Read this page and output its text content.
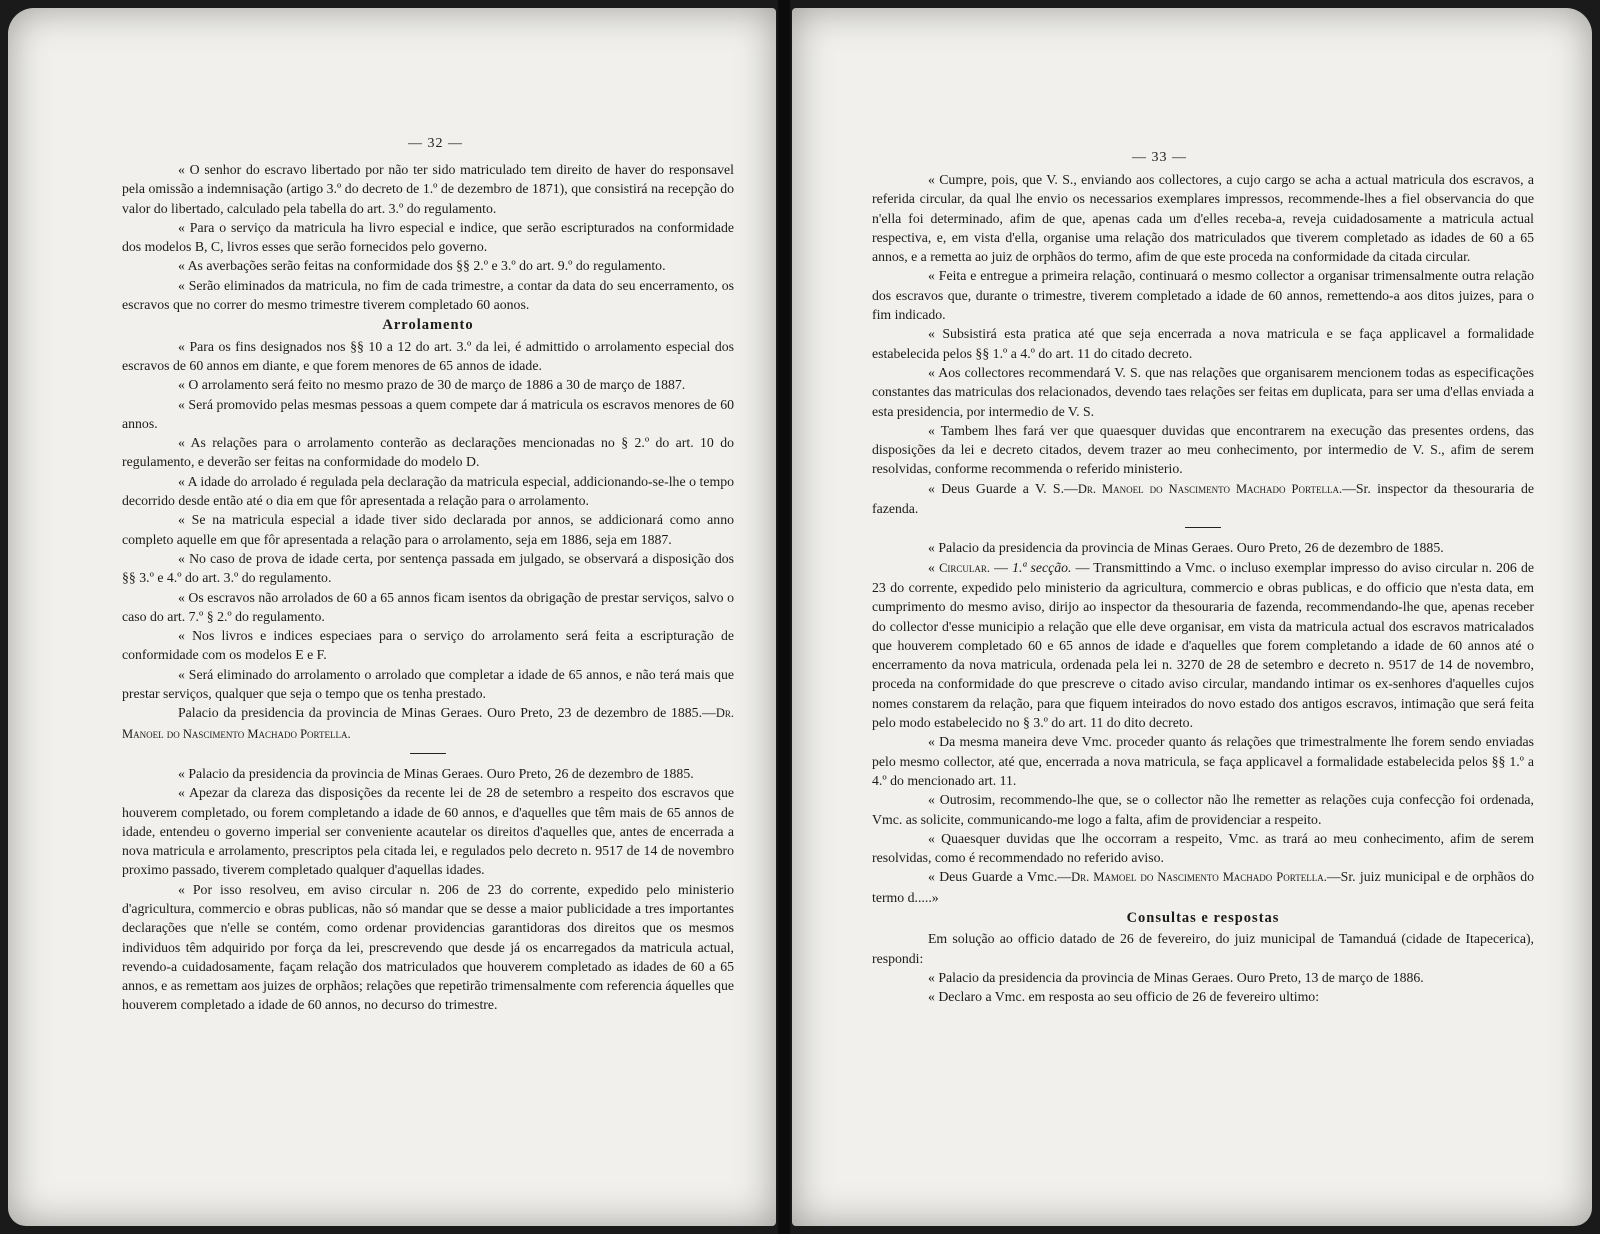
— 32 —

« O senhor do escravo libertado por não ter sido matriculado tem direito de haver do responsavel pela omissão a indemnisação (artigo 3.º do decreto de 1.º de dezembro de 1871), que consistirá na recepção do valor do libertado, calculado pela tabella do art. 3.º do regulamento.

« Para o serviço da matricula ha livro especial e indice, que serão escripturados na conformidade dos modelos B, C, livros esses que serão fornecidos pelo governo.

« As averbações serão feitas na conformidade dos §§ 2.º e 3.º do art. 9.º do regulamento.

« Serão eliminados da matricula, no fim de cada trimestre, a contar da data do seu encerramento, os escravos que no correr do mesmo trimestre tiverem completado 60 aonos.

Arrolamento

« Para os fins designados nos §§ 10 a 12 do art. 3.º da lei, é admittido o arrolamento especial dos escravos de 60 annos em diante, e que forem menores de 65 annos de idade.

« O arrolamento será feito no mesmo prazo de 30 de março de 1886 a 30 de março de 1887.

« Será promovido pelas mesmas pessoas a quem compete dar á matricula os escravos menores de 60 annos.

« As relações para o arrolamento conterão as declarações mencionadas no § 2.º do art. 10 do regulamento, e deverão ser feitas na conformidade do modelo D.

« A idade do arrolado é regulada pela declaração da matricula especial, addicionando-se-lhe o tempo decorrido desde então até o dia em que fôr apresentada a relação para o arrolamento.

« Se na matricula especial a idade tiver sido declarada por annos, se addicionará como anno completo aquelle em que fôr apresentada a relação para o arrolamento, seja em 1886, seja em 1887.

« No caso de prova de idade certa, por sentença passada em julgado, se observará a disposição dos §§ 3.º e 4.º do art. 3.º do regulamento.

« Os escravos não arrolados de 60 a 65 annos ficam isentos da obrigação de prestar serviços, salvo o caso do art. 7.º § 2.º do regulamento.

« Nos livros e indices especiaes para o serviço do arrolamento será feita a escripturação de conformidade com os modelos E e F.

« Será eliminado do arrolamento o arrolado que completar a idade de 65 annos, e não terá mais que prestar serviços, qualquer que seja o tempo que os tenha prestado.

Palacio da presidencia da provincia de Minas Geraes. Ouro Preto, 23 de dezembro de 1885.—Dr. Manoel do Nascimento Machado Portella.

« Palacio da presidencia da provincia de Minas Geraes. Ouro Preto, 26 de dezembro de 1885.

« Apezar da clareza das disposições da recente lei de 28 de setembro a respeito dos escravos que houverem completado, ou forem completando a idade de 60 annos, e d'aquelles que têm mais de 65 annos de idade, entendeu o governo imperial ser conveniente acautelar os direitos d'aquelles que, antes de encerrada a nova matricula e arrolamento, prescriptos pela citada lei, e regulados pelo decreto n. 9517 de 14 de novembro proximo passado, tiverem completado qualquer d'aquellas idades.

« Por isso resolveu, em aviso circular n. 206 de 23 do corrente, expedido pelo ministerio d'agricultura, commercio e obras publicas, não só mandar que se desse a maior publicidade a tres importantes declarações que n'elle se contém, como ordenar providencias garantidoras dos direitos que os mesmos individuos têm adquirido por força da lei, prescrevendo que desde já os encarregados da matricula actual, revendo-a cuidadosamente, façam relação dos matriculados que houverem completado as idades de 60 a 65 annos, e as remettam aos juizes de orphãos; relações que repetirão trimensalmente com referencia áquelles que houverem completado a idade de 60 annos, no decurso do trimestre.

— 33 —

« Cumpre, pois, que V. S., enviando aos collectores, a cujo cargo se acha a actual matricula dos escravos, a referida circular, da qual lhe envio os necessarios exemplares impressos, recommende-lhes a fiel observancia do que n'ella foi determinado, afim de que, apenas cada um d'elles receba-a, reveja cuidadosamente a matricula actual respectiva, e, em vista d'ella, organise uma relação dos matriculados que tiverem completado as idades de 60 a 65 annos, e a remetta ao juiz de orphãos do termo, afim de que este proceda na conformidade da citada circular.

« Feita e entregue a primeira relação, continuará o mesmo collector a organisar trimensalmente outra relação dos escravos que, durante o trimestre, tiverem completado a idade de 60 annos, remettendo-a aos ditos juizes, para o fim indicado.

« Subsistirá esta pratica até que seja encerrada a nova matricula e se faça applicavel a formalidade estabelecida pelos §§ 1.º a 4.º do art. 11 do citado decreto.

« Aos collectores recommendará V. S. que nas relações que organisarem mencionem todas as especificações constantes das matriculas dos relacionados, devendo taes relações ser feitas em duplicata, para ser uma d'ellas enviada a esta presidencia, por intermedio de V. S.

« Tambem lhes fará ver que quaesquer duvidas que encontrarem na execução das presentes ordens, das disposições da lei e decreto citados, devem trazer ao meu conhecimento, por intermedio de V. S., afim de serem resolvidas, conforme recommenda o referido ministerio.

« Deus Guarde a V. S.—Dr. Manoel do Nascimento Machado Portella.—Sr. inspector da thesouraria de fazenda.

« Palacio da presidencia da provincia de Minas Geraes. Ouro Preto, 26 de dezembro de 1885.

« Circular. — 1.ª secção. — Transmittindo a Vmc. o incluso exemplar impresso do aviso circular n. 206 de 23 do corrente, expedido pelo ministerio da agricultura, commercio e obras publicas, e do officio que n'esta data, em cumprimento do mesmo aviso, dirijo ao inspector da thesouraria de fazenda, recommendando-lhe que, apenas receber do collector d'esse municipio a relação que elle deve organisar, em vista da matricula actual dos escravos matricalados que houverem completado 60 e 65 annos de idade e d'aquelles que forem completando a idade de 60 annos até o encerramento da nova matricula, ordenada pela lei n. 3270 de 28 de setembro e decreto n. 9517 de 14 de novembro, proceda na conformidade do que prescreve o citado aviso circular, mandando intimar os ex-senhores d'aquelles cujos nomes constarem da relação, para que fiquem inteirados do novo estado dos antigos escravos, intimação que será feita pelo modo estabelecido no § 3.º do art. 11 do dito decreto.

« Da mesma maneira deve Vmc. proceder quanto ás relações que trimestralmente lhe forem sendo enviadas pelo mesmo collector, até que, encerrada a nova matricula, se faça applicavel a formalidade estabelecida pelos §§ 1.º a 4.º do mencionado art. 11.

« Outrosim, recommendo-lhe que, se o collector não lhe remetter as relações cuja confecção foi ordenada, Vmc. as solicite, communicando-me logo a falta, afim de providenciar a respeito.

« Quaesquer duvidas que lhe occorram a respeito, Vmc. as trará ao meu conhecimento, afim de serem resolvidas, como é recommendado no referido aviso.

« Deus Guarde a Vmc.—Dr. Mamoel do Nascimento Machado Portella.—Sr. juiz municipal e de orphãos do termo d.....»

Consultas e respostas

Em solução ao officio datado de 26 de fevereiro, do juiz municipal de Tamanduá (cidade de Itapecerica), respondi:

« Palacio da presidencia da provincia de Minas Geraes. Ouro Preto, 13 de março de 1886.

« Declaro a Vmc. em resposta ao seu officio de 26 de fevereiro ultimo:
